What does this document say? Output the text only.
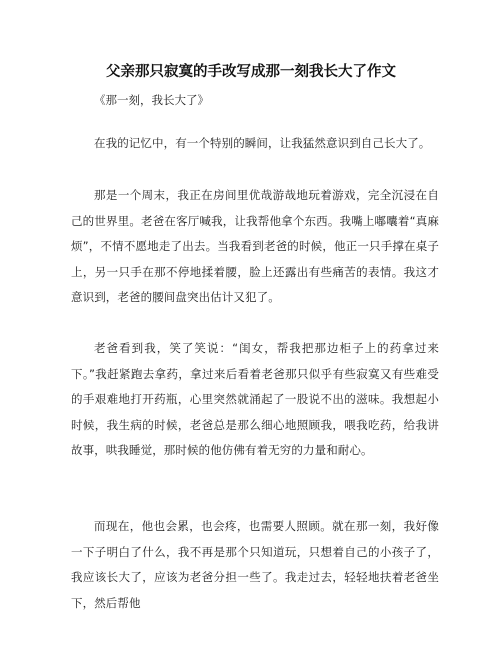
父亲那只寂寞的手改写成那一刻我长大了作文

《那一刻，我长大了》

在我的记忆中，有一个特别的瞬间，让我猛然意识到自己长大了。

那是一个周末，我正在房间里优哉游哉地玩着游戏，完全沉浸在自己的世界里。老爸在客厅喊我，让我帮他拿个东西。我嘴上嘟囔着“真麻烦”，不情不愿地走了出去。当我看到老爸的时候，他正一只手撑在桌子上，另一只手在那不停地揉着腰，脸上还露出有些痛苦的表情。我这才意识到，老爸的腰间盘突出估计又犯了。

老爸看到我，笑了笑说：“闺女，帮我把那边柜子上的药拿过来下。”我赶紧跑去拿药，拿过来后看着老爸那只似乎有些寂寞又有些难受的手艰难地打开药瓶，心里突然就涌起了一股说不出的滋味。我想起小时候，我生病的时候，老爸总是那么细心地照顾我，喂我吃药，给我讲故事，哄我睡觉，那时候的他仿佛有着无穷的力量和耐心。

而现在，他也会累，也会疼，也需要人照顾。就在那一刻，我好像一下子明白了什么，我不再是那个只知道玩，只想着自己的小孩子了，我应该长大了，应该为老爸分担一些了。我走过去，轻轻地扶着老爸坐下，然后帮他
